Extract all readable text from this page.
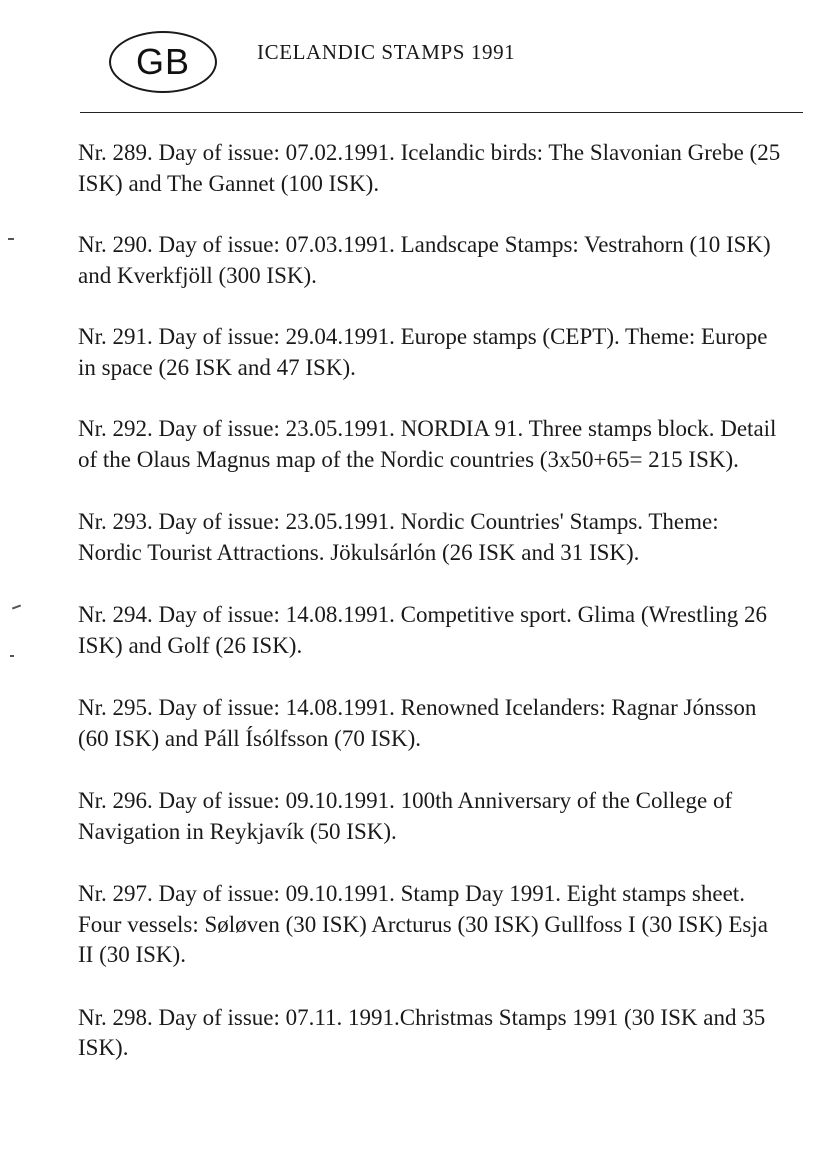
GB	ICELANDIC STAMPS 1991

Nr. 289. Day of issue: 07.02.1991. Icelandic birds: The Slavonian Grebe (25 ISK) and The Gannet (100 ISK).

Nr. 290. Day of issue: 07.03.1991. Landscape Stamps: Vestrahorn (10 ISK) and Kverkfjöll (300 ISK).

Nr. 291. Day of issue: 29.04.1991. Europe stamps (CEPT). Theme: Europe in space (26 ISK and 47 ISK).

Nr. 292. Day of issue: 23.05.1991. NORDIA 91. Three stamps block. Detail of the Olaus Magnus map of the Nordic countries (3x50+65= 215 ISK).

Nr. 293. Day of issue: 23.05.1991. Nordic Countries' Stamps. Theme: Nordic Tourist Attractions. Jökulsárlón (26 ISK and 31 ISK).

Nr. 294. Day of issue: 14.08.1991. Competitive sport. Glima (Wrestling 26 ISK) and Golf (26 ISK).

Nr. 295. Day of issue: 14.08.1991. Renowned Icelanders: Ragnar Jónsson (60 ISK) and Páll Ísólfsson (70 ISK).

Nr. 296. Day of issue: 09.10.1991. 100th Anniversary of the College of Navigation in Reykjavík (50 ISK).

Nr. 297. Day of issue: 09.10.1991. Stamp Day 1991. Eight stamps sheet. Four vessels: Søløven (30 ISK) Arcturus (30 ISK) Gullfoss I (30 ISK) Esja II (30 ISK).

Nr. 298. Day of issue: 07.11. 1991.Christmas Stamps 1991 (30 ISK and 35 ISK).
